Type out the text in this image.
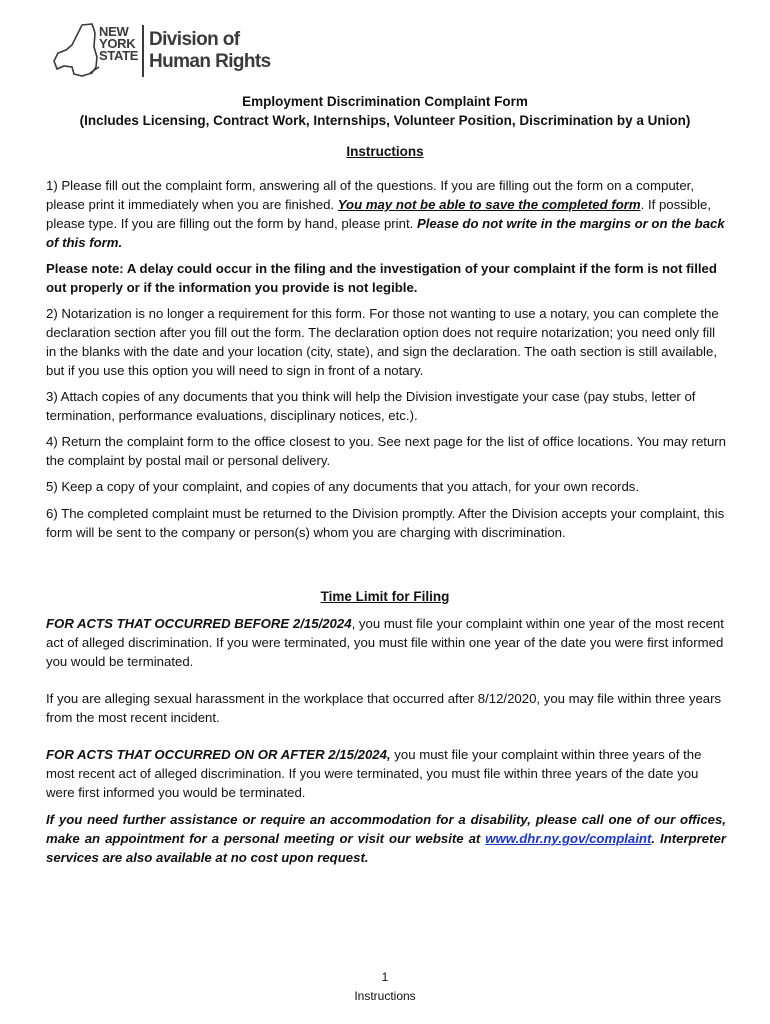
NEW
YORK
STATE
Division of
Human Rights
Employment Discrimination Complaint Form
(Includes Licensing, Contract Work, Internships, Volunteer Position, Discrimination by a Union)
Instructions
1) Please fill out the complaint form, answering all of the questions. If you are filling out the form on a computer, please print it immediately when you are finished. You may not be able to save the completed form. If possible, please type. If you are filling out the form by hand, please print. Please do not write in the margins or on the back of this form.
Please note: A delay could occur in the filing and the investigation of your complaint if the form is not filled out properly or if the information you provide is not legible.
2) Notarization is no longer a requirement for this form. For those not wanting to use a notary, you can complete the declaration section after you fill out the form. The declaration option does not require notarization; you need only fill in the blanks with the date and your location (city, state), and sign the declaration. The oath section is still available, but if you use this option you will need to sign in front of a notary.
3) Attach copies of any documents that you think will help the Division investigate your case (pay stubs, letter of termination, performance evaluations, disciplinary notices, etc.).
4) Return the complaint form to the office closest to you. See next page for the list of office locations. You may return the complaint by postal mail or personal delivery.
5) Keep a copy of your complaint, and copies of any documents that you attach, for your own records.
6) The completed complaint must be returned to the Division promptly. After the Division accepts your complaint, this form will be sent to the company or person(s) whom you are charging with discrimination.
Time Limit for Filing
FOR ACTS THAT OCCURRED BEFORE 2/15/2024, you must file your complaint within one year of the most recent act of alleged discrimination. If you were terminated, you must file within one year of the date you were first informed you would be terminated.
If you are alleging sexual harassment in the workplace that occurred after 8/12/2020, you may file within three years from the most recent incident.
FOR ACTS THAT OCCURRED ON OR AFTER 2/15/2024, you must file your complaint within three years of the most recent act of alleged discrimination. If you were terminated, you must file within three years of the date you were first informed you would be terminated.
If you need further assistance or require an accommodation for a disability, please call one of our offices, make an appointment for a personal meeting or visit our website at www.dhr.ny.gov/complaint. Interpreter services are also available at no cost upon request.
1
Instructions
